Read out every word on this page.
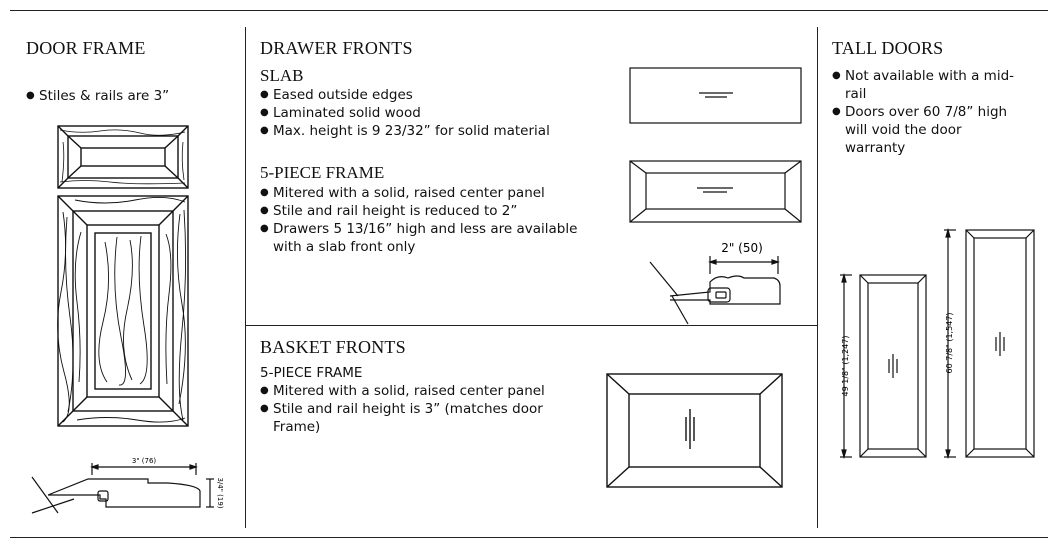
DOOR FRAME
● Stiles & rails are 3”
3" (76)
3/4" (19)
DRAWER FRONTS
SLAB
● Eased outside edges
● Laminated solid wood
● Max. height is 9 23/32” for solid material
5-PIECE FRAME
● Mitered with a solid, raised center panel
● Stile and rail height is reduced to 2”
● Drawers 5 13/16” high and less are available with a slab front only	2" (50)
BASKET FRONTS
5-PIECE FRAME
● Mitered with a solid, raised center panel
● Stile and rail height is 3” (matches door Frame)
TALL DOORS
● Not available with a mid-rail
● Doors over 60 7/8” high will void the door warranty
49 1/8" (1,247)	60 7/8" (1,547)
